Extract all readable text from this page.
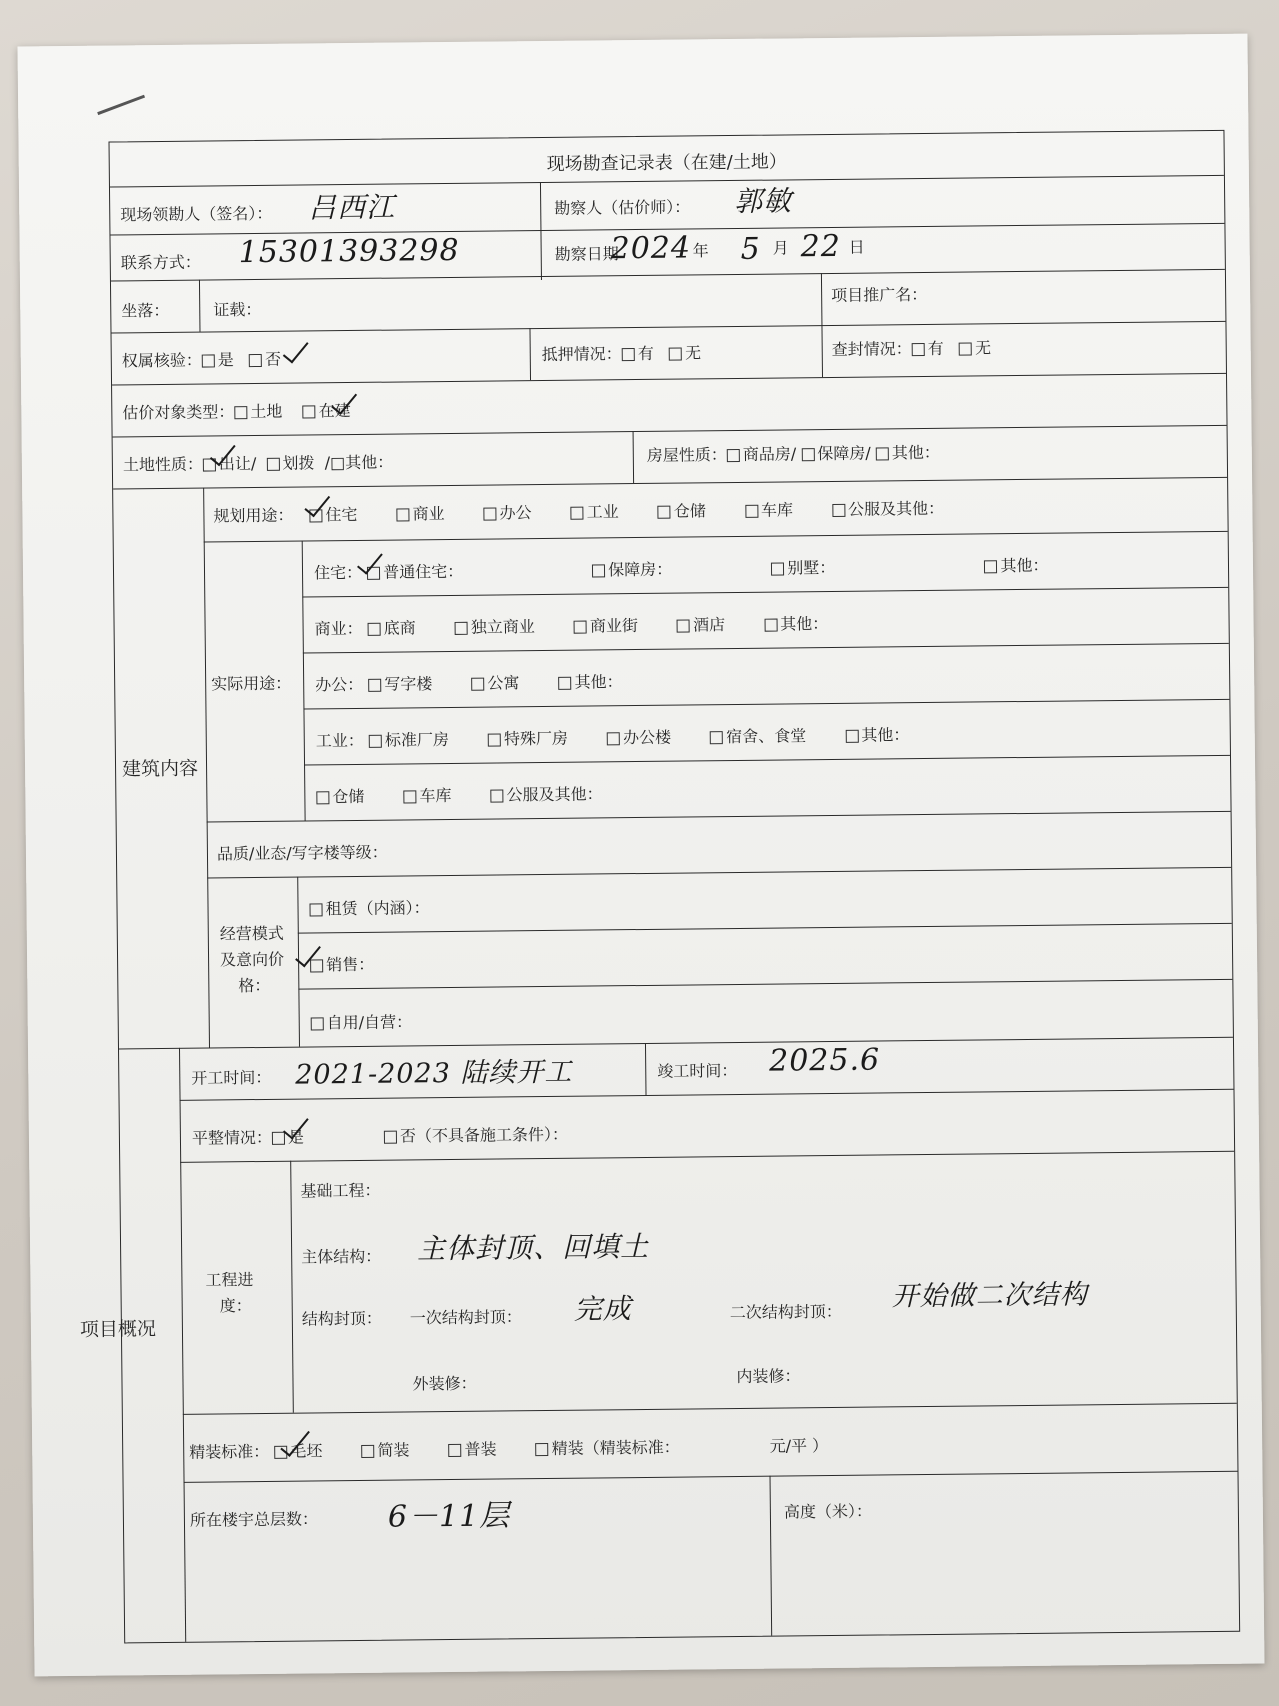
现场勘查记录表（在建/土地）
现场领勘人（签名）： 吕西江	勘察人（估价师）： 郭敏
联系方式： 15301393298	勘察日期
2024 年 5 月 22 日
坐落：	证载：
项目推广名：
权属核验： 是 否	抵押情况： 有 无	查封情况： 有 无
估价对象类型： 土地 在建
土地性质： 出让/ 划拨 /□其他：	房屋性质： 商品房/ 保障房/ 其他：
建筑内容
规划用途：	住宅	商业	办公	工业	仓储	车库	公服及其他：
实际用途：
住宅： 普通住宅：	保障房：	别墅：	其他：
商业： 底商	独立商业	商业街	酒店	其他：
办公： 写字楼	公寓	其他：
工业： 标准厂房	特殊厂房	办公楼	宿舍、食堂	其他：
仓储	车库	公服及其他：
品质/业态/写字楼等级：
经营模式
及意向价
格：
租赁（内涵）：
销售：
自用/自营：
项目概况
开工时间： 2021-2023 陆续开工	竣工时间： 2025.6
平整情况： 是	否（不具备施工条件）：
工程进
度：
基础工程：
主体结构： 主体封顶、回填土
结构封顶： 一次结构封顶： 完成	二次结构封顶： 开始做二次结构
外装修：	内装修：
精装标准： 毛坯	简装	普装	精装（精装标准：	元/平 ）
所在楼宇总层数： 6－11层	高度（米）：
